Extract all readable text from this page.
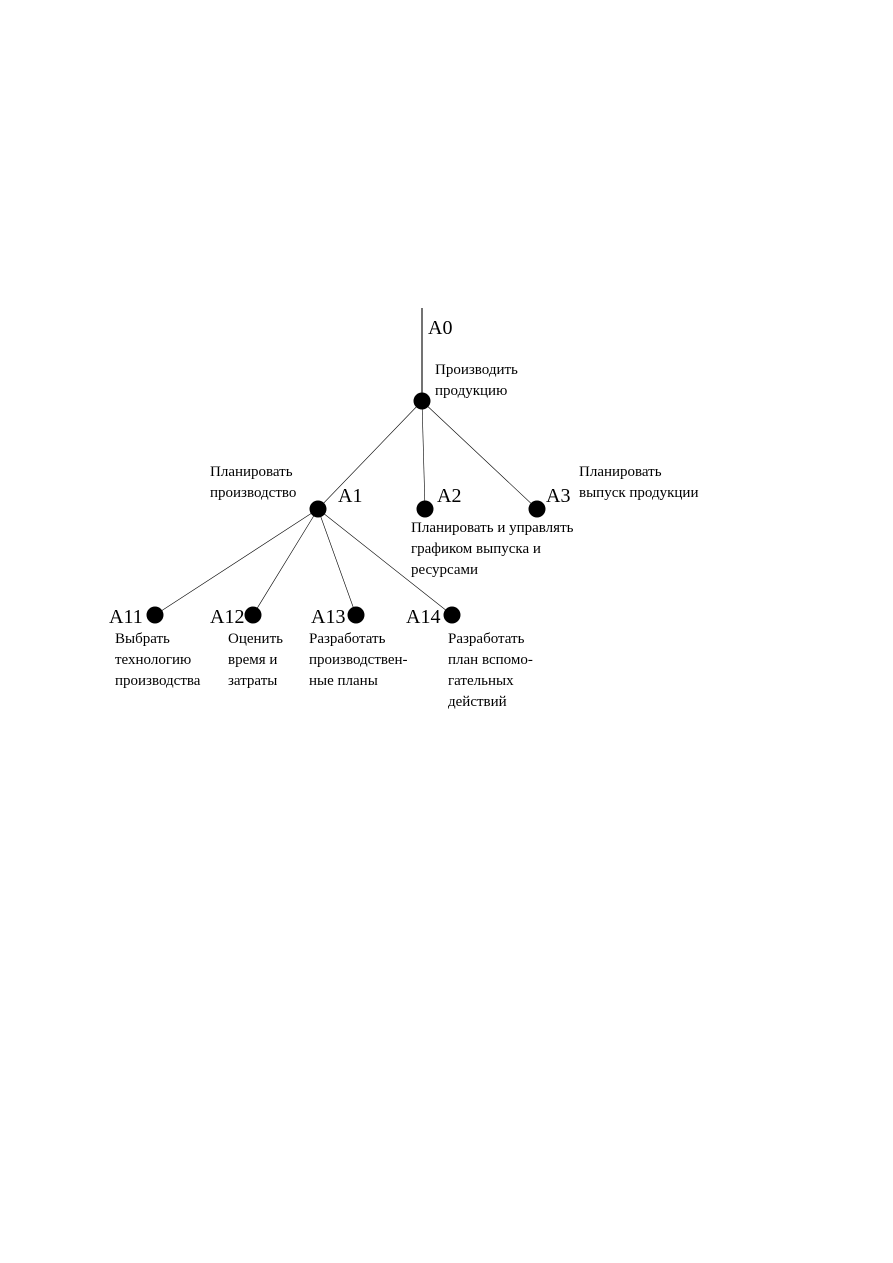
A0
A1	A2	A3
A11	A12	A13	A14
Производить
продукцию
Планировать
производство
Планировать и управлять
графиком выпуска и
ресурсами
Планировать
выпуск продукции
Выбрать
технологию
производства
Оценить
время и
затраты
Разработать
производствен-
ные планы
Разработать
план вспомо-
гательных
действий
